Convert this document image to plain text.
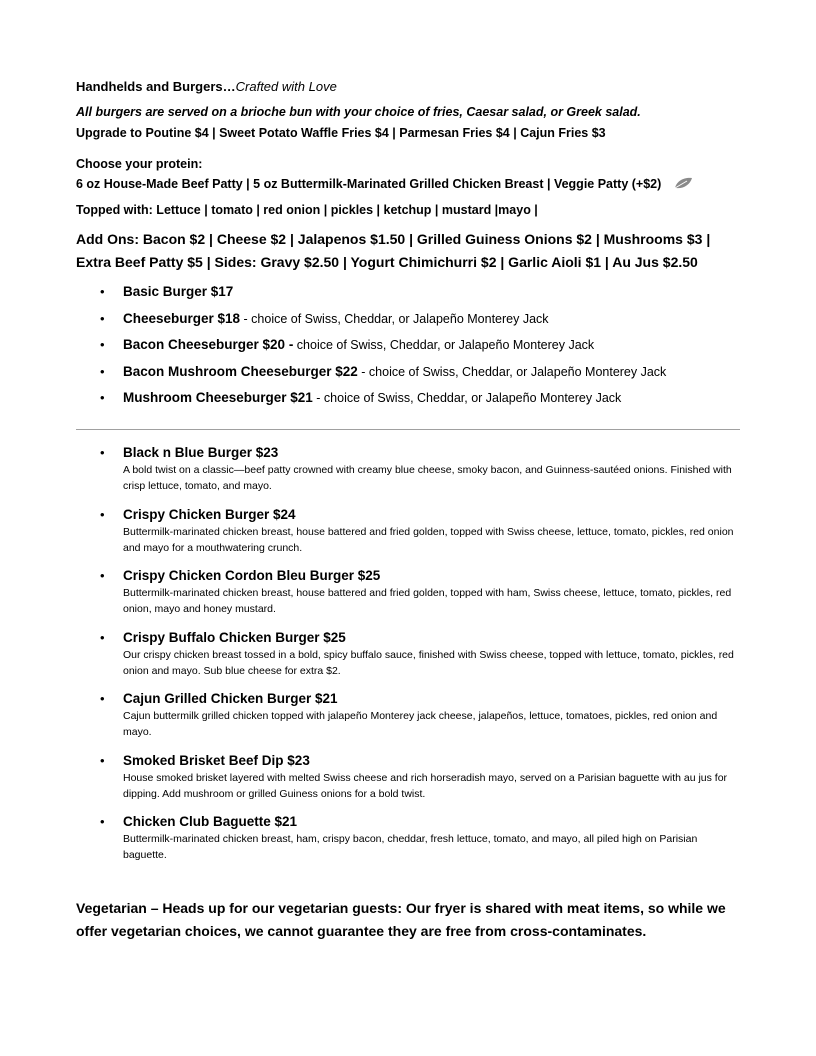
Handhelds and Burgers…Crafted with Love
All burgers are served on a brioche bun with your choice of fries, Caesar salad, or Greek salad.
Upgrade to Poutine $4 | Sweet Potato Waffle Fries $4 | Parmesan Fries $4 | Cajun Fries $3
Choose your protein:
6 oz House-Made Beef Patty | 5 oz Buttermilk-Marinated Grilled Chicken Breast | Veggie Patty (+$2)
Topped with: Lettuce | tomato | red onion | pickles | ketchup | mustard |mayo |
Add Ons: Bacon $2 | Cheese $2 | Jalapenos $1.50 | Grilled Guiness Onions $2 | Mushrooms $3 | Extra Beef Patty $5 | Sides: Gravy $2.50 | Yogurt Chimichurri $2 | Garlic Aioli $1 | Au Jus $2.50
• Basic Burger $17
• Cheeseburger $18 - choice of Swiss, Cheddar, or Jalapeño Monterey Jack
• Bacon Cheeseburger $20 - choice of Swiss, Cheddar, or Jalapeño Monterey Jack
• Bacon Mushroom Cheeseburger $22 - choice of Swiss, Cheddar, or Jalapeño Monterey Jack
• Mushroom Cheeseburger $21 - choice of Swiss, Cheddar, or Jalapeño Monterey Jack
• Black n Blue Burger $23
A bold twist on a classic—beef patty crowned with creamy blue cheese, smoky bacon, and Guinness-sautéed onions. Finished with crisp lettuce, tomato, and mayo.
• Crispy Chicken Burger $24
Buttermilk-marinated chicken breast, house battered and fried golden, topped with Swiss cheese, lettuce, tomato, pickles, red onion and mayo for a mouthwatering crunch.
• Crispy Chicken Cordon Bleu Burger $25
Buttermilk-marinated chicken breast, house battered and fried golden, topped with ham, Swiss cheese, lettuce, tomato, pickles, red onion, mayo and honey mustard.
• Crispy Buffalo Chicken Burger $25
Our crispy chicken breast tossed in a bold, spicy buffalo sauce, finished with Swiss cheese, topped with lettuce, tomato, pickles, red onion and mayo. Sub blue cheese for extra $2.
• Cajun Grilled Chicken Burger $21
Cajun buttermilk grilled chicken topped with jalapeño Monterey jack cheese, jalapeños, lettuce, tomatoes, pickles, red onion and mayo.
• Smoked Brisket Beef Dip $23
House smoked brisket layered with melted Swiss cheese and rich horseradish mayo, served on a Parisian baguette with au jus for dipping. Add mushroom or grilled Guiness onions for a bold twist.
• Chicken Club Baguette $21
Buttermilk-marinated chicken breast, ham, crispy bacon, cheddar, fresh lettuce, tomato, and mayo, all piled high on Parisian baguette.
Vegetarian – Heads up for our vegetarian guests: Our fryer is shared with meat items, so while we offer vegetarian choices, we cannot guarantee they are free from cross-contaminates.
